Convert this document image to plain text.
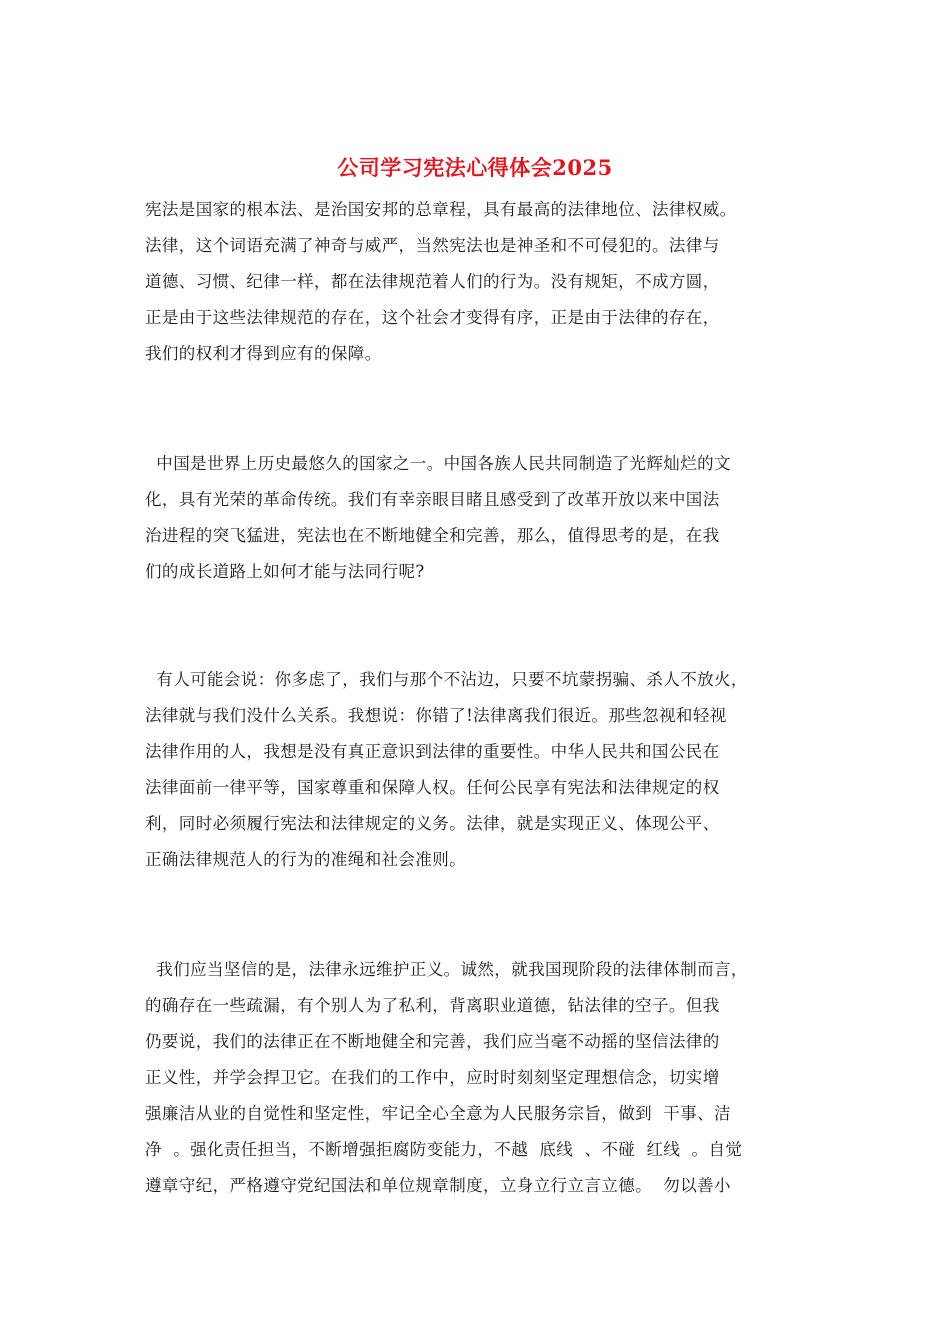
公司学习宪法心得体会2025
宪法是国家的根本法、是治国安邦的总章程，具有最高的法律地位、法律权威。
法律，这个词语充满了神奇与威严，当然宪法也是神圣和不可侵犯的。法律与
道德、习惯、纪律一样，都在法律规范着人们的行为。没有规矩，不成方圆，
正是由于这些法律规范的存在，这个社会才变得有序，正是由于法律的存在，
我们的权利才得到应有的保障。
中国是世界上历史最悠久的国家之一。中国各族人民共同制造了光辉灿烂的文
化，具有光荣的革命传统。我们有幸亲眼目睹且感受到了改革开放以来中国法
治进程的突飞猛进，宪法也在不断地健全和完善，那么，值得思考的是，在我
们的成长道路上如何才能与法同行呢?
有人可能会说：你多虑了，我们与那个不沾边，只要不坑蒙拐骗、杀人不放火，
法律就与我们没什么关系。我想说：你错了!法律离我们很近。那些忽视和轻视
法律作用的人，我想是没有真正意识到法律的重要性。中华人民共和国公民在
法律面前一律平等，国家尊重和保障人权。任何公民享有宪法和法律规定的权
利，同时必须履行宪法和法律规定的义务。法律，就是实现正义、体现公平、
正确法律规范人的行为的准绳和社会准则。
我们应当坚信的是，法律永远维护正义。诚然，就我国现阶段的法律体制而言，
的确存在一些疏漏，有个别人为了私利，背离职业道德，钻法律的空子。但我
仍要说，我们的法律正在不断地健全和完善，我们应当毫不动摇的坚信法律的
正义性，并学会捍卫它。在我们的工作中，应时时刻刻坚定理想信念，切实增
强廉洁从业的自觉性和坚定性，牢记全心全意为人民服务宗旨，做到  干事、洁
净  。强化责任担当，不断增强拒腐防变能力，不越  底线  、不碰  红线  。自觉
遵章守纪，严格遵守党纪国法和单位规章制度，立身立行立言立德。  勿以善小
